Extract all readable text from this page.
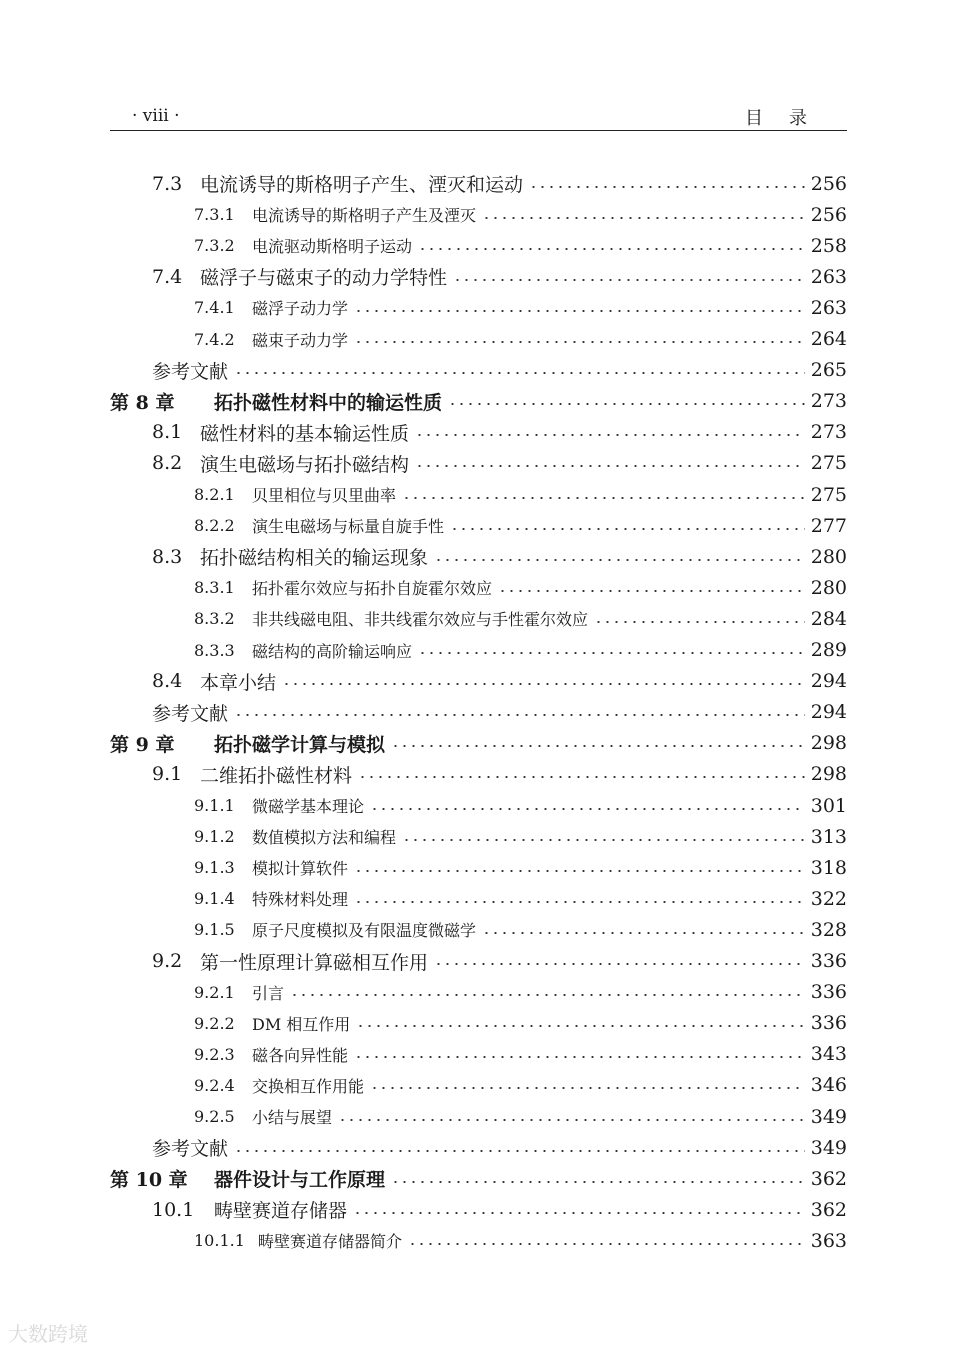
· viii ·	目录
7.3 电流诱导的斯格明子产生、湮灭和运动	256
7.3.1	电流诱导的斯格明子产生及湮灭	256
7.3.2	电流驱动斯格明子运动	258
7.4 磁浮子与磁束子的动力学特性	263
7.4.1	磁浮子动力学	263
7.4.2	磁束子动力学	264
参考文献	265
第 8 章	拓扑磁性材料中的输运性质	273
8.1 磁性材料的基本输运性质	273
8.2 演生电磁场与拓扑磁结构	275
8.2.1	贝里相位与贝里曲率	275
8.2.2	演生电磁场与标量自旋手性	277
8.3 拓扑磁结构相关的输运现象	280
8.3.1	拓扑霍尔效应与拓扑自旋霍尔效应	280
8.3.2	非共线磁电阻、非共线霍尔效应与手性霍尔效应	284
8.3.3	磁结构的高阶输运响应	289
8.4 本章小结	294
参考文献	294
第 9 章	拓扑磁学计算与模拟	298
9.1 二维拓扑磁性材料	298
9.1.1	微磁学基本理论	301
9.1.2	数值模拟方法和编程	313
9.1.3	模拟计算软件	318
9.1.4	特殊材料处理	322
9.1.5	原子尺度模拟及有限温度微磁学	328
9.2 第一性原理计算磁相互作用	336
9.2.1	引言	336
9.2.2	DM 相互作用	336
9.2.3	磁各向异性能	343
9.2.4	交换相互作用能	346
9.2.5	小结与展望	349
参考文献	349
第 10 章	器件设计与工作原理	362
10.1	畴壁赛道存储器	362
10.1.1 畴壁赛道存储器简介	363
大数跨境
